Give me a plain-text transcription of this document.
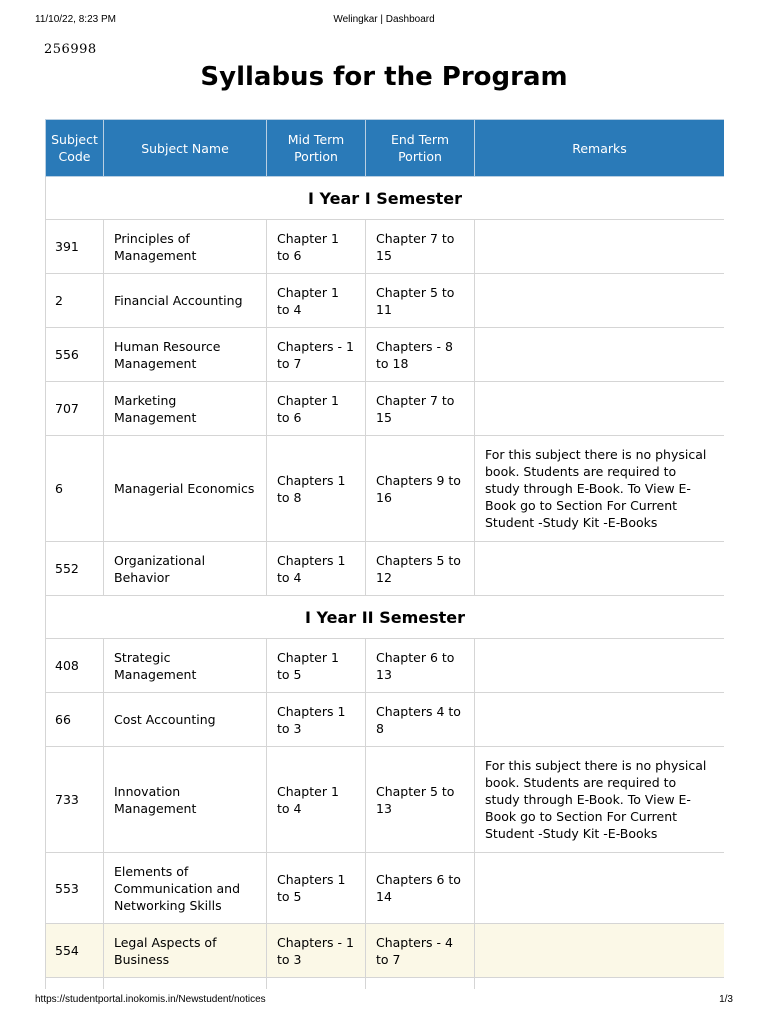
11/10/22, 8:23 PM	Welingkar | Dashboard
256998
Syllabus for the Program
Subject Code	Subject Name	Mid Term Portion	End Term Portion	Remarks
I Year I Semester				
391	Principles of Management	Chapter 1 to 6	Chapter 7 to 15	
2	Financial Accounting	Chapter 1 to 4	Chapter 5 to 11	
556	Human Resource Management	Chapters - 1 to 7	Chapters - 8 to 18	
707	Marketing Management	Chapter 1 to 6	Chapter 7 to 15	
6	Managerial Economics	Chapters 1 to 8	Chapters 9 to 16	For this subject there is no physical book. Students are required to study through E-Book. To View E-Book go to Section For Current Student -Study Kit -E-Books
552	Organizational Behavior	Chapters 1 to 4	Chapters 5 to 12	
I Year II Semester				
408	Strategic Management	Chapter 1 to 5	Chapter 6 to 13	
66	Cost Accounting	Chapters 1 to 3	Chapters 4 to 8	
733	Innovation Management	Chapter 1 to 4	Chapter 5 to 13	For this subject there is no physical book. Students are required to study through E-Book. To View E-Book go to Section For Current Student -Study Kit -E-Books
553	Elements of Communication and Networking Skills	Chapters 1 to 5	Chapters 6 to 14	
554	Legal Aspects of Business	Chapters - 1 to 3	Chapters - 4 to 7	

https://studentportal.inokomis.in/Newstudent/notices	1/3
